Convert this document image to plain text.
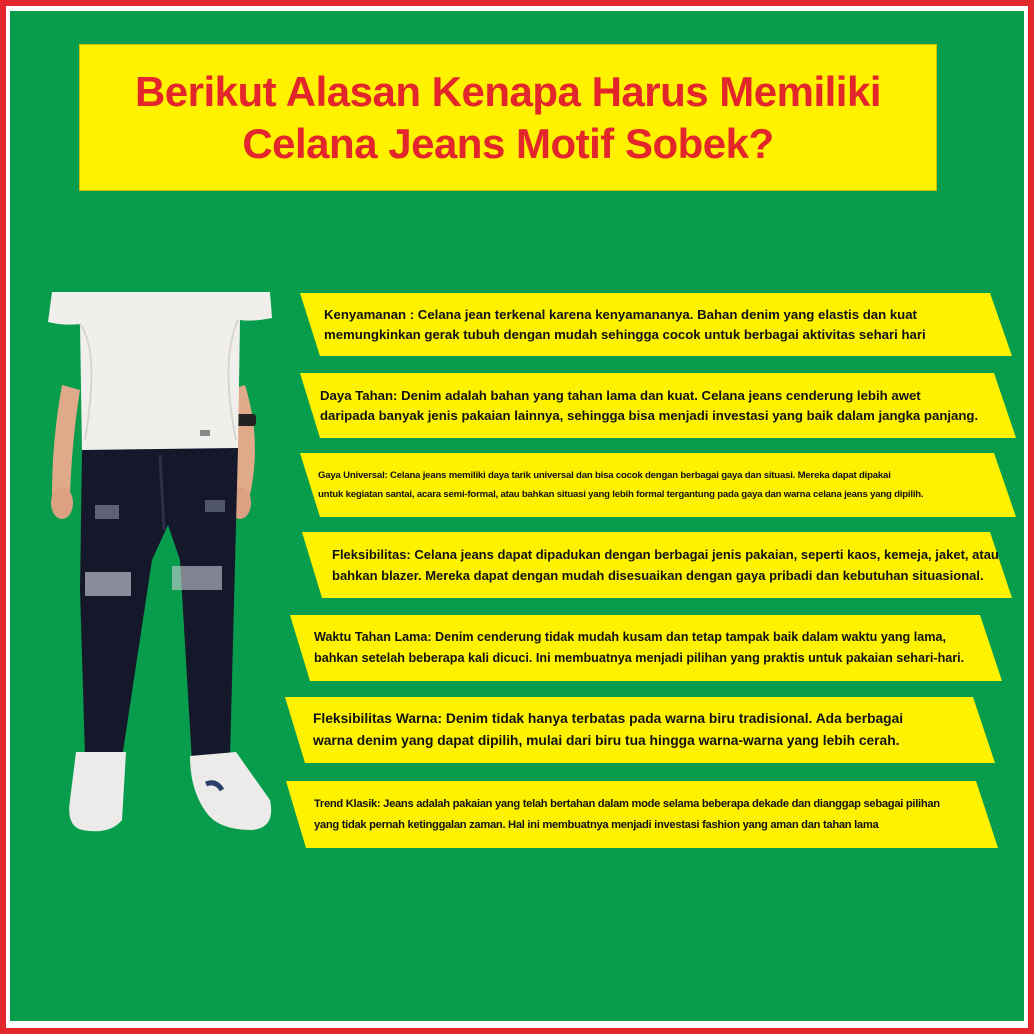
Berikut Alasan Kenapa Harus Memiliki
Celana Jeans Motif Sobek?
Kenyamanan : Celana jean terkenal karena kenyamananya. Bahan denim yang elastis dan kuat
memungkinkan gerak tubuh dengan mudah sehingga cocok untuk berbagai aktivitas sehari hari
Daya Tahan: Denim adalah bahan yang tahan lama dan kuat. Celana jeans cenderung lebih awet
daripada banyak jenis pakaian lainnya, sehingga bisa menjadi investasi yang baik dalam jangka panjang.
Gaya Universal: Celana jeans memiliki daya tarik universal dan bisa cocok dengan berbagai gaya dan situasi. Mereka dapat dipakai
untuk kegiatan santai, acara semi-formal, atau bahkan situasi yang lebih formal tergantung pada gaya dan warna celana jeans yang dipilih.
Fleksibilitas: Celana jeans dapat dipadukan dengan berbagai jenis pakaian, seperti kaos, kemeja, jaket, atau
bahkan blazer. Mereka dapat dengan mudah disesuaikan dengan gaya pribadi dan kebutuhan situasional.
Waktu Tahan Lama: Denim cenderung tidak mudah kusam dan tetap tampak baik dalam waktu yang lama,
bahkan setelah beberapa kali dicuci. Ini membuatnya menjadi pilihan yang praktis untuk pakaian sehari-hari.
Fleksibilitas Warna: Denim tidak hanya terbatas pada warna biru tradisional. Ada berbagai
warna denim yang dapat dipilih, mulai dari biru tua hingga warna-warna yang lebih cerah.
Trend Klasik: Jeans adalah pakaian yang telah bertahan dalam mode selama beberapa dekade dan dianggap sebagai pilihan
yang tidak pernah ketinggalan zaman. Hal ini membuatnya menjadi investasi fashion yang aman dan tahan lama
